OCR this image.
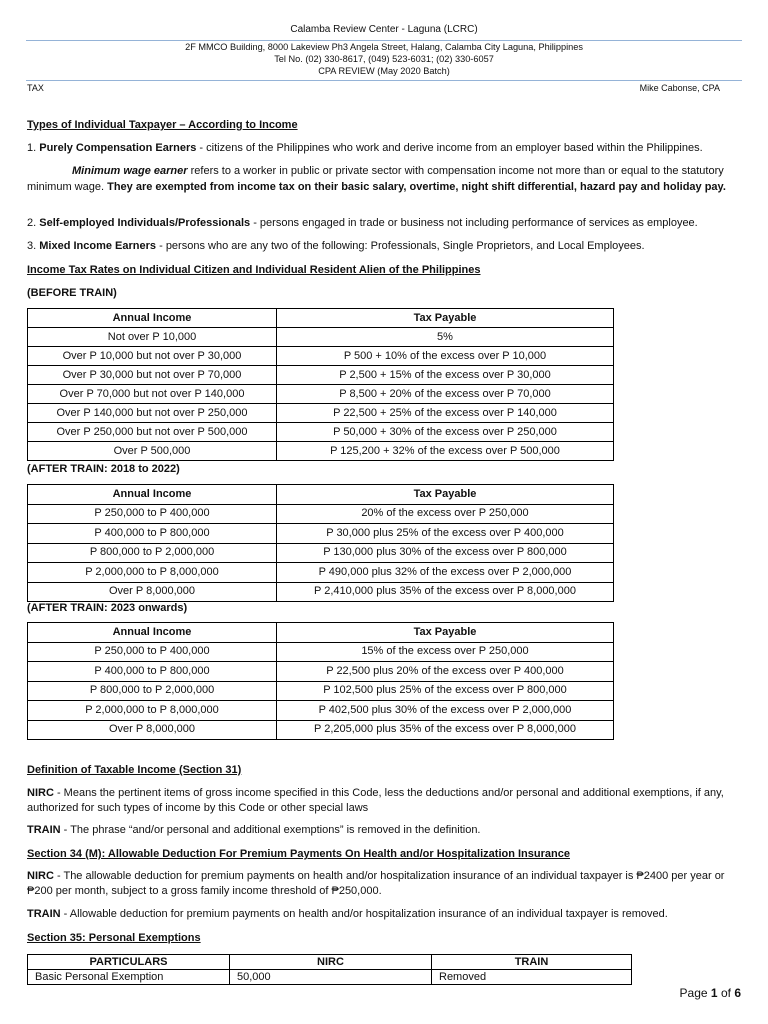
Calamba Review Center - Laguna (LCRC)
2F MMCO Building, 8000 Lakeview Ph3 Angela Street, Halang, Calamba City Laguna, Philippines
Tel No. (02) 330-8617, (049) 523-6031; (02) 330-6057
CPA REVIEW (May 2020 Batch)
TAX	Mike Cabonse, CPA

Types of Individual Taxpayer – According to Income

1. Purely Compensation Earners - citizens of the Philippines who work and derive income from an employer based within the Philippines.

Minimum wage earner refers to a worker in public or private sector with compensation income not more than or equal to the statutory minimum wage. They are exempted from income tax on their basic salary, overtime, night shift differential, hazard pay and holiday pay.

2. Self-employed Individuals/Professionals - persons engaged in trade or business not including performance of services as employee.

3. Mixed Income Earners - persons who are any two of the following: Professionals, Single Proprietors, and Local Employees.

Income Tax Rates on Individual Citizen and Individual Resident Alien of the Philippines

(BEFORE TRAIN)

Annual Income	Tax Payable
Not over P 10,000	5%
Over P 10,000 but not over P 30,000	P 500 + 10% of the excess over P 10,000
Over P 30,000 but not over P 70,000	P 2,500 + 15% of the excess over P 30,000
Over P 70,000 but not over P 140,000	P 8,500 + 20% of the excess over P 70,000
Over P 140,000 but not over P 250,000	P 22,500 + 25% of the excess over P 140,000
Over P 250,000 but not over P 500,000	P 50,000 + 30% of the excess over P 250,000
Over P 500,000	P 125,200 + 32% of the excess over P 500,000

(AFTER TRAIN: 2018 to 2022)

Annual Income	Tax Payable
P 250,000 to P 400,000	20% of the excess over P 250,000
P 400,000 to P 800,000	P 30,000 plus 25% of the excess over P 400,000
P 800,000 to P 2,000,000	P 130,000 plus 30% of the excess over P 800,000
P 2,000,000 to P 8,000,000	P 490,000 plus 32% of the excess over P 2,000,000
Over P 8,000,000	P 2,410,000 plus 35% of the excess over P 8,000,000

(AFTER TRAIN: 2023 onwards)

Annual Income	Tax Payable
P 250,000 to P 400,000	15% of the excess over P 250,000
P 400,000 to P 800,000	P 22,500 plus 20% of the excess over P 400,000
P 800,000 to P 2,000,000	P 102,500 plus 25% of the excess over P 800,000
P 2,000,000 to P 8,000,000	P 402,500 plus 30% of the excess over P 2,000,000
Over P 8,000,000	P 2,205,000 plus 35% of the excess over P 8,000,000

Definition of Taxable Income (Section 31)

NIRC - Means the pertinent items of gross income specified in this Code, less the deductions and/or personal and additional exemptions, if any, authorized for such types of income by this Code or other special laws

TRAIN - The phrase “and/or personal and additional exemptions” is removed in the definition.

Section 34 (M): Allowable Deduction For Premium Payments On Health and/or Hospitalization Insurance

NIRC - The allowable deduction for premium payments on health and/or hospitalization insurance of an individual taxpayer is ₱2400 per year or ₱200 per month, subject to a gross family income threshold of ₱250,000.

TRAIN - Allowable deduction for premium payments on health and/or hospitalization insurance of an individual taxpayer is removed.

Section 35: Personal Exemptions

PARTICULARS	NIRC	TRAIN
Basic Personal Exemption	50,000	Removed
Page 1 of 6
